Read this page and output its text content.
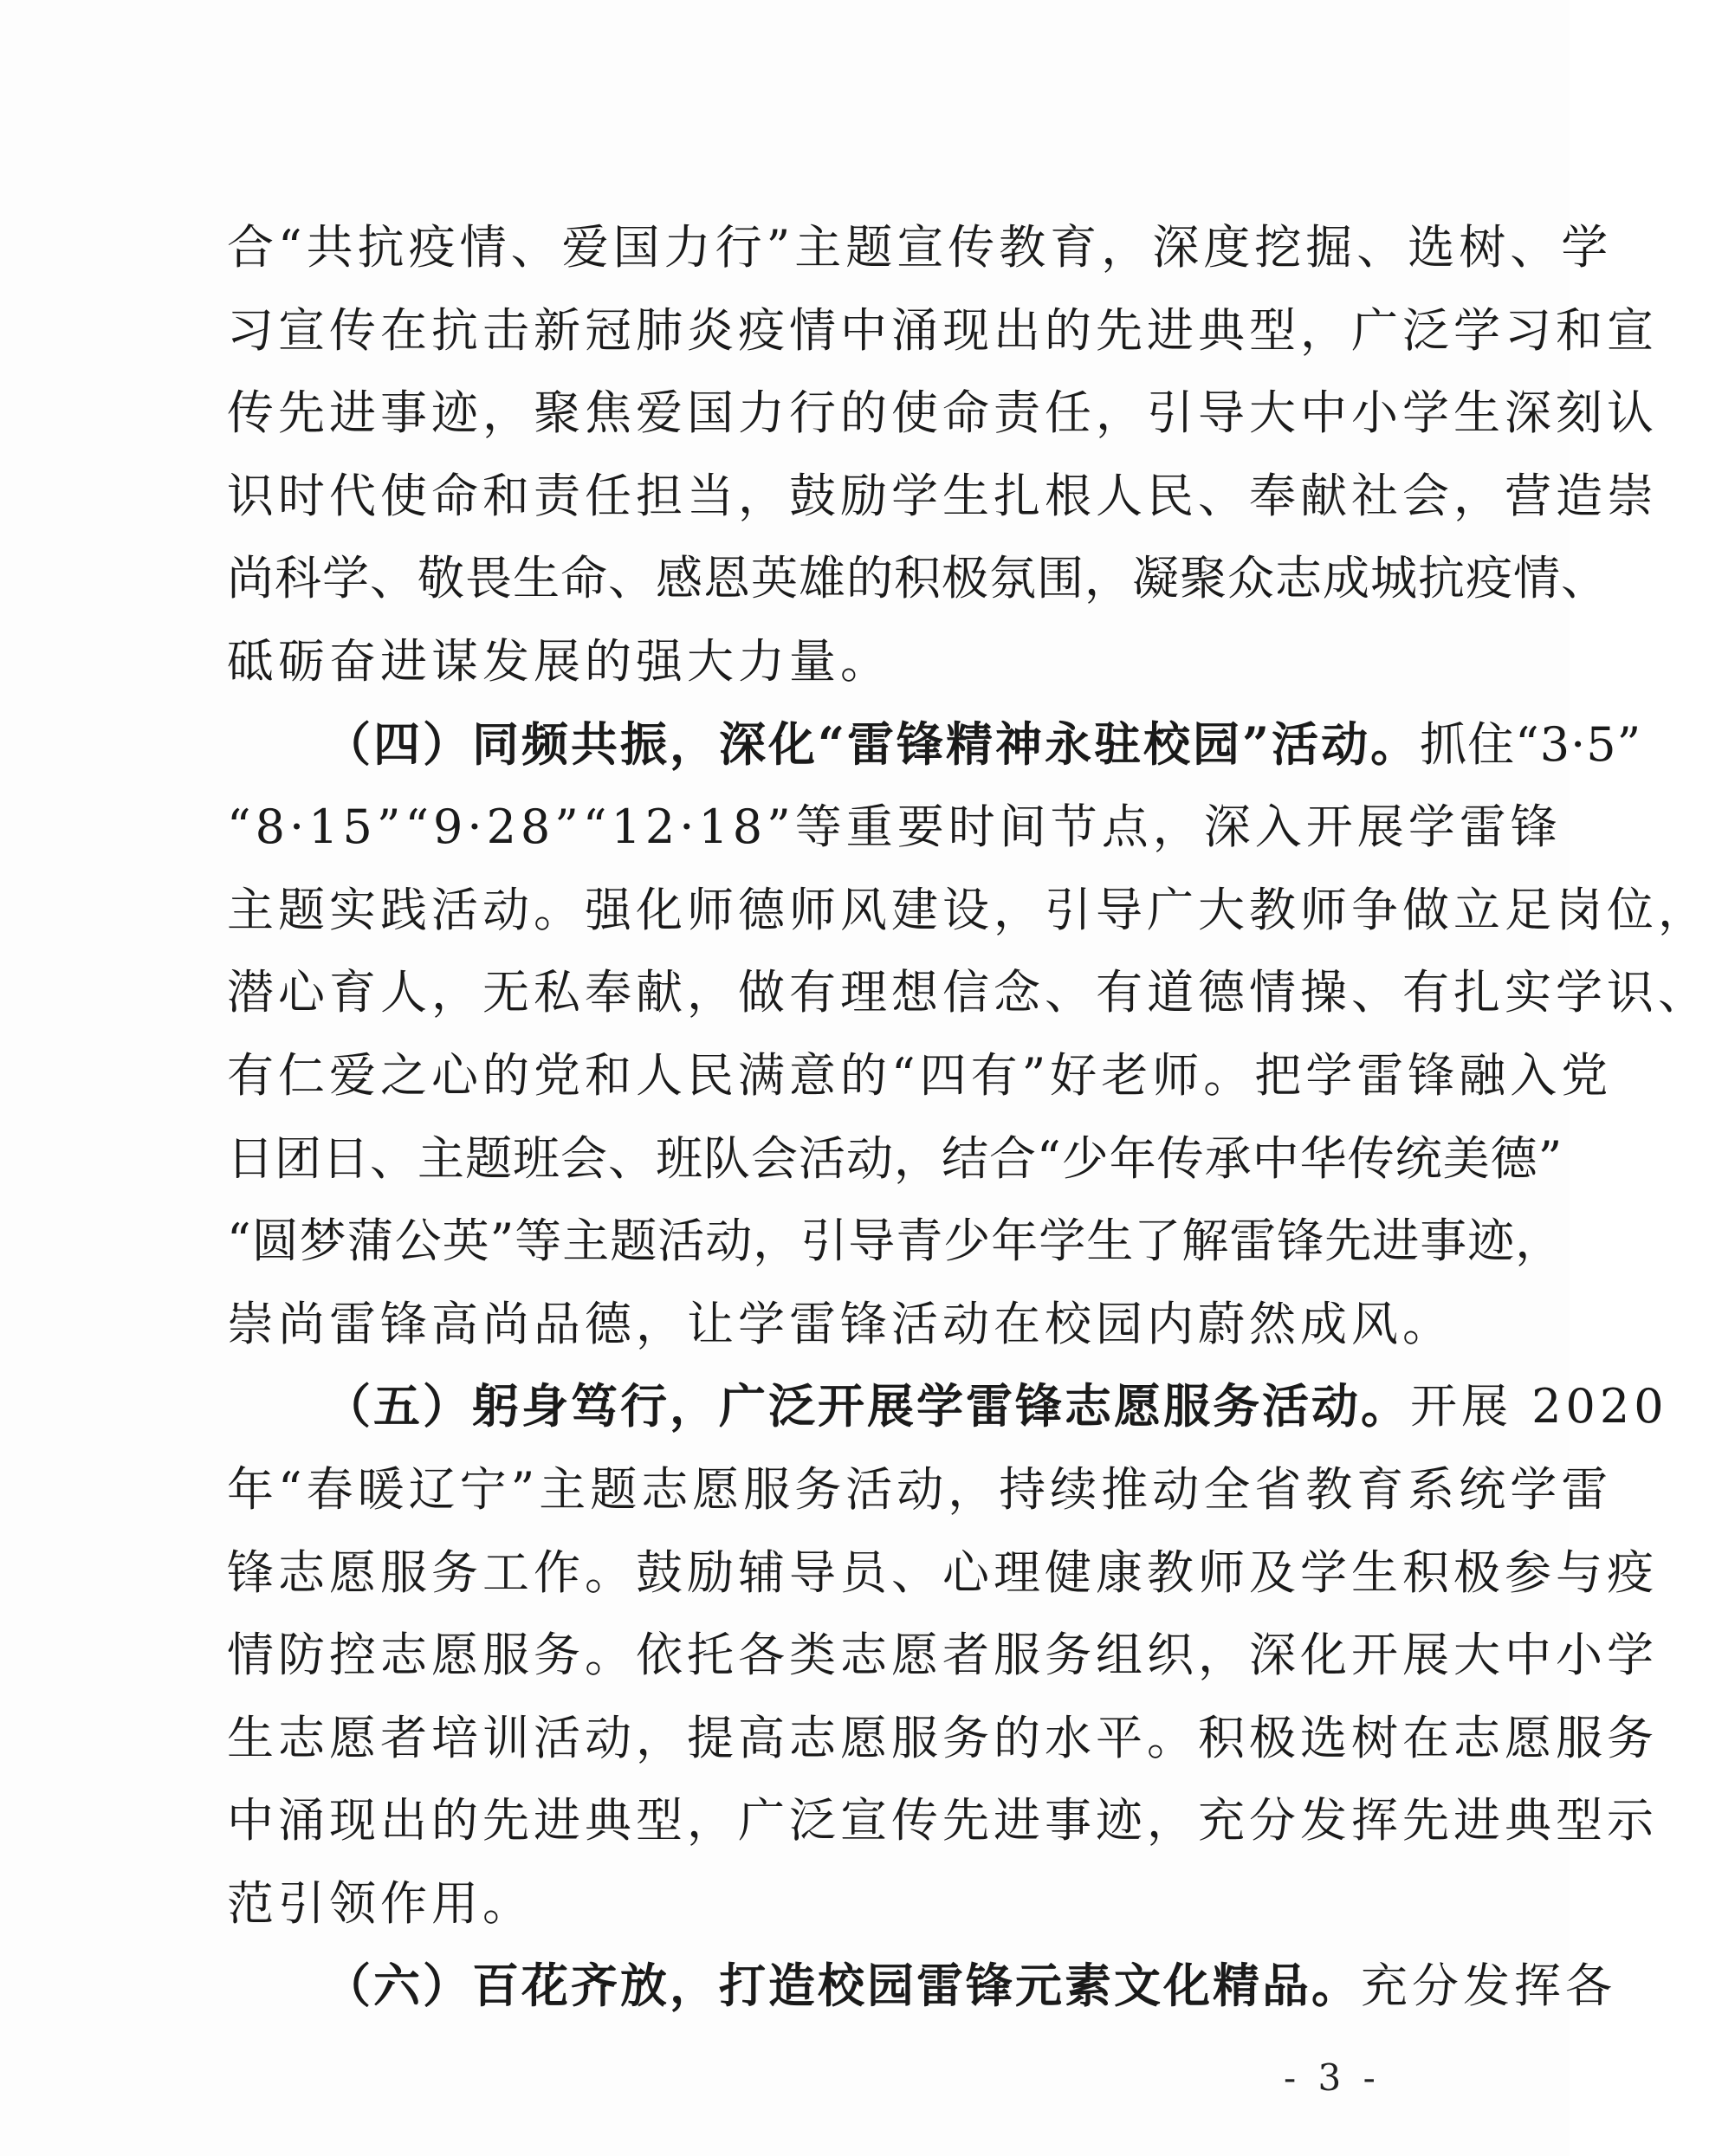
合“共抗疫情、爱国力行”主题宣传教育，深度挖掘、选树、学
习宣传在抗击新冠肺炎疫情中涌现出的先进典型，广泛学习和宣
传先进事迹，聚焦爱国力行的使命责任，引导大中小学生深刻认
识时代使命和责任担当，鼓励学生扎根人民、奉献社会，营造崇
尚科学、敬畏生命、感恩英雄的积极氛围，凝聚众志成城抗疫情、
砥砺奋进谋发展的强大力量。
（四）同频共振，深化“雷锋精神永驻校园”活动。抓住“3·5”
“8·15”“9·28”“12·18”等重要时间节点，深入开展学雷锋
主题实践活动。强化师德师风建设，引导广大教师争做立足岗位，
潜心育人，无私奉献，做有理想信念、有道德情操、有扎实学识、
有仁爱之心的党和人民满意的“四有”好老师。把学雷锋融入党
日团日、主题班会、班队会活动，结合“少年传承中华传统美德”
“圆梦蒲公英”等主题活动，引导青少年学生了解雷锋先进事迹，
崇尚雷锋高尚品德，让学雷锋活动在校园内蔚然成风。
（五）躬身笃行，广泛开展学雷锋志愿服务活动。开展 2020
年“春暖辽宁”主题志愿服务活动，持续推动全省教育系统学雷
锋志愿服务工作。鼓励辅导员、心理健康教师及学生积极参与疫
情防控志愿服务。依托各类志愿者服务组织，深化开展大中小学
生志愿者培训活动，提高志愿服务的水平。积极选树在志愿服务
中涌现出的先进典型，广泛宣传先进事迹，充分发挥先进典型示
范引领作用。
（六）百花齐放，打造校园雷锋元素文化精品。充分发挥各
- 3 -
